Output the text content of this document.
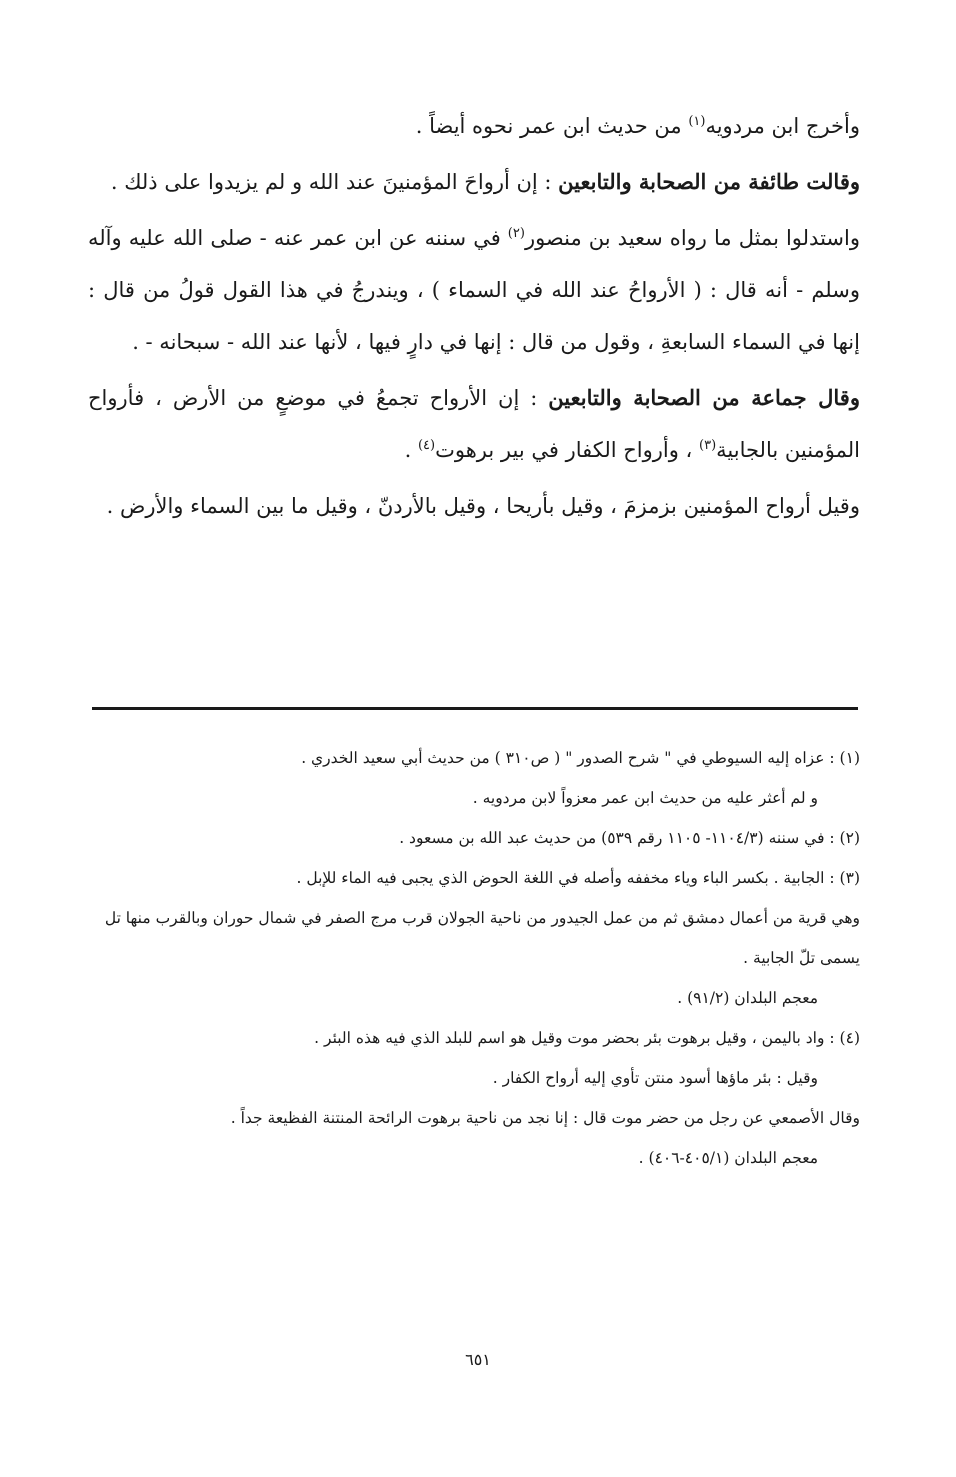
وأخرج ابن مردويه$^{(١)}$ من حديث ابن عمر نحوه أيضاً .

وقالت طائفة من الصحابة والتابعين : إن أرواحَ المؤمنينَ عند الله و لم يزيدوا على ذلك .

واستدلوا بمثل ما رواه سعيد بن منصور$^{(٢)}$ في سننه عن ابن عمر عنه - صلى الله عليه وآله وسلم - أنه قال : ( الأرواحُ عند الله في السماء ) ، ويندرجُ في هذا القول قولُ من قال : إنها في السماء السابعةِ ، وقول من قال : إنها في دارٍ فيها ، لأنها عند الله - سبحانه - .

وقال جماعة من الصحابة والتابعين : إن الأرواح تجمعُ في موضعٍ من الأرض ، فأرواح المؤمنين بالجابية$^{(٣)}$ ، وأرواح الكفار في بير برهوت$^{(٤)}$ .

وقيل أرواح المؤمنين بزمزمَ ، وقيل بأريحا ، وقيل بالأردنّ ، وقيل ما بين السماء والأرض .

(١) : عزاه إليه السيوطي في " شرح الصدور " ( ص٣١٠ ) من حديث أبي سعيد الخدري .

و لم أعثر عليه من حديث ابن عمر معزواً لابن مردويه .

(٢) : في سننه (١١٠٤/٣- ١١٠٥ رقم ٥٣٩) من حديث عبد الله بن مسعود .

(٣) : الجابية . بكسر الباء وياء مخففه وأصله في اللغة الحوض الذي يجبى فيه الماء للإبل .

وهي قرية من أعمال دمشق ثم من عمل الجيدور من ناحية الجولان قرب مرج الصفر في شمال حوران وبالقرب منها تل يسمى تلّ الجابية .

معجم البلدان (٩١/٢) .

(٤) : واد باليمن ، وقيل برهوت بئر بحضر موت وقيل هو اسم للبلد الذي فيه هذه البئر .

وقيل : بئر ماؤها أسود منتن تأوي إليه أرواح الكفار .

وقال الأصمعي عن رجل من حضر موت قال : إنا نجد من ناحية برهوت الرائحة المنتنة الفظيعة جداً .

معجم البلدان (٤٠٥/١-٤٠٦) .

٦٥١
